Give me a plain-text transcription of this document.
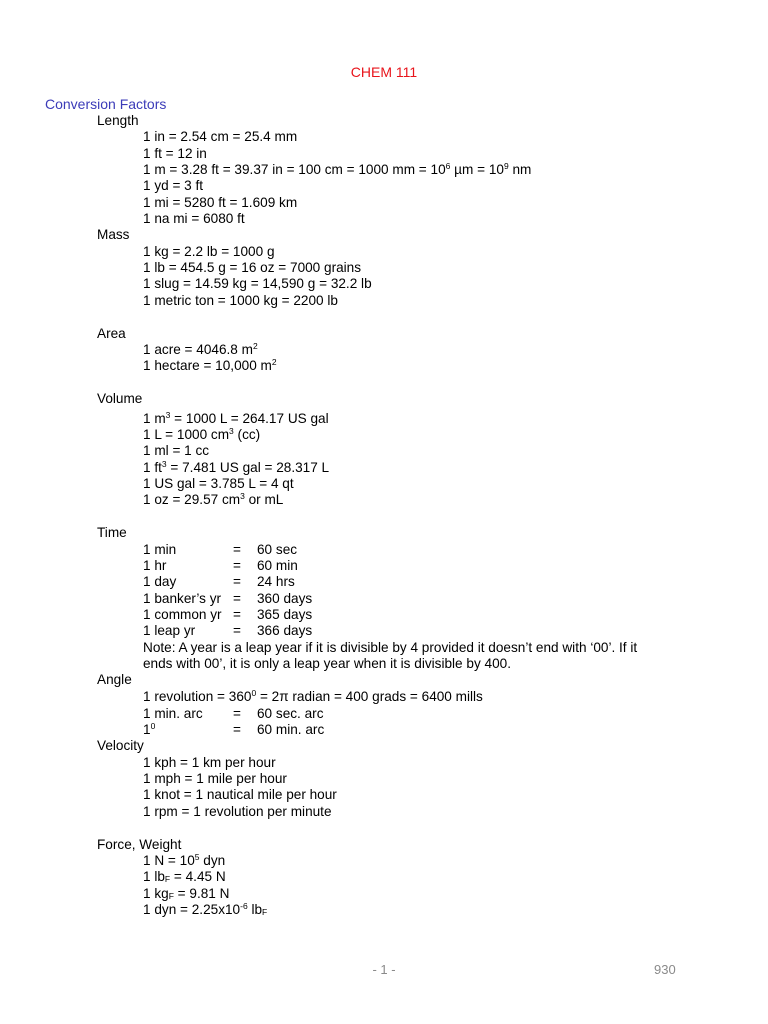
CHEM 111
Conversion Factors
Length
1 in = 2.54 cm = 25.4 mm
1 ft = 12 in
1 m = 3.28 ft = 39.37 in = 100 cm = 1000 mm = $10^6$ $\mu m = 10^9$ nm
1 yd = 3 ft
1 mi = 5280 ft = 1.609 km
1 na mi = 6080 ft
Mass
1 kg = 2.2 lb = 1000 g
1 lb = 454.5 g = 16 oz = 7000 grains
1 slug = 14.59 kg = 14,590 g = 32.2 lb
1 metric ton = 1000 kg = 2200 lb
Area
1 acre = 4046.8 $m^2$
1 hectare = 10,000 $m^2$
Volume
1 $m^3 = 1000$ L = 264.17 US gal
1 L = 1000 $cm^3$ (cc)
1 ml = 1 cc
1 $ft^3 = 7.481$ US gal = 28.317 L
1 US gal = 3.785 L = 4 qt
1 oz = 29.57 $cm^3$ or mL
Time
1 min	= 60 sec
1 hr	= 60 min
1 day	= 24 hrs
1 banker’s yr = 360 days
1 common yr = 365 days
1 leap yr	= 366 days
Note: A year is a leap year if it is divisible by 4 provided it doesn’t end with ‘00’. If it
ends with 00’, it is only a leap year when it is divisible by 400.
Angle
1 revolution = $360^0 = 2\pi$ radian = 400 grads = 6400 mills
1 min. arc = 60 sec. arc
$1^0$	= 60 min. arc
Velocity
1 kph = 1 km per hour
1 mph = 1 mile per hour
1 knot = 1 nautical mile per hour
1 rpm = 1 revolution per minute
Force, Weight
1 $N = 10^5$ dyn
1 $lb_F = 4.45$ N
1 $kg_F = 9.81$ N
1 dyn = $2.25x10^{-6}$ $lb_F$
- 1 -	930
